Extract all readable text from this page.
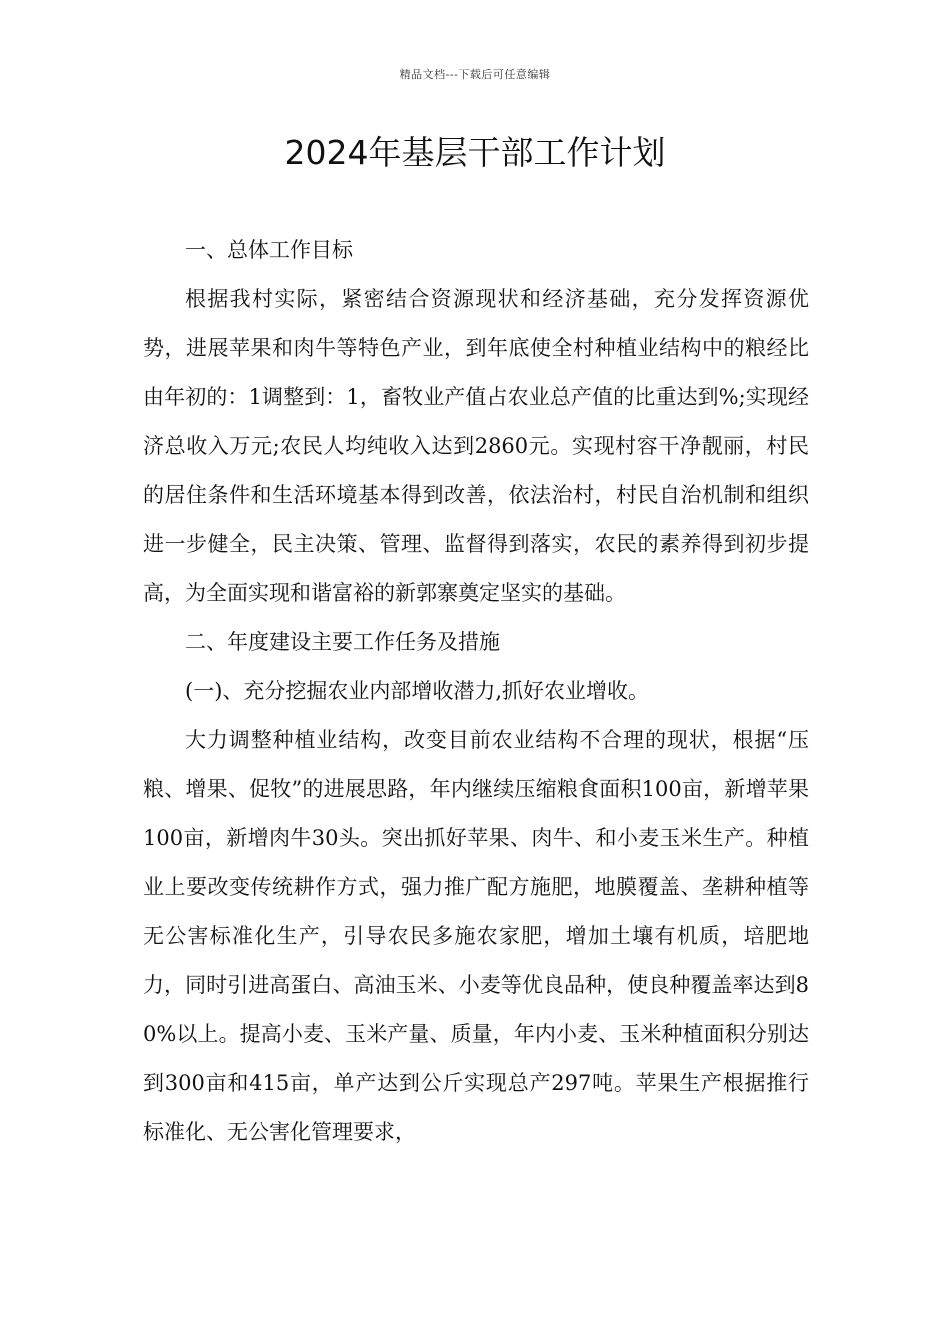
精品文档---下载后可任意编辑
2024年基层干部工作计划

一、总体工作目标

根据我村实际，紧密结合资源现状和经济基础，充分发挥资源优势，进展苹果和肉牛等特色产业，到年底使全村种植业结构中的粮经比由年初的：1调整到：1，畜牧业产值占农业总产值的比重达到%;实现经济总收入万元;农民人均纯收入达到2860元。实现村容干净靓丽，村民的居住条件和生活环境基本得到改善，依法治村，村民自治机制和组织进一步健全，民主决策、管理、监督得到落实，农民的素养得到初步提高，为全面实现和谐富裕的新郭寨奠定坚实的基础。

二、年度建设主要工作任务及措施

(一)、充分挖掘农业内部增收潜力,抓好农业增收。

大力调整种植业结构，改变目前农业结构不合理的现状，根据“压粮、增果、促牧”的进展思路，年内继续压缩粮食面积100亩，新增苹果100亩，新增肉牛30头。突出抓好苹果、肉牛、和小麦玉米生产。种植业上要改变传统耕作方式，强力推广配方施肥，地膜覆盖、垄耕种植等无公害标准化生产，引导农民多施农家肥，增加土壤有机质，培肥地力，同时引进高蛋白、高油玉米、小麦等优良品种，使良种覆盖率达到80%以上。提高小麦、玉米产量、质量，年内小麦、玉米种植面积分别达到300亩和415亩，单产达到公斤实现总产297吨。苹果生产根据推行标准化、无公害化管理要求，
